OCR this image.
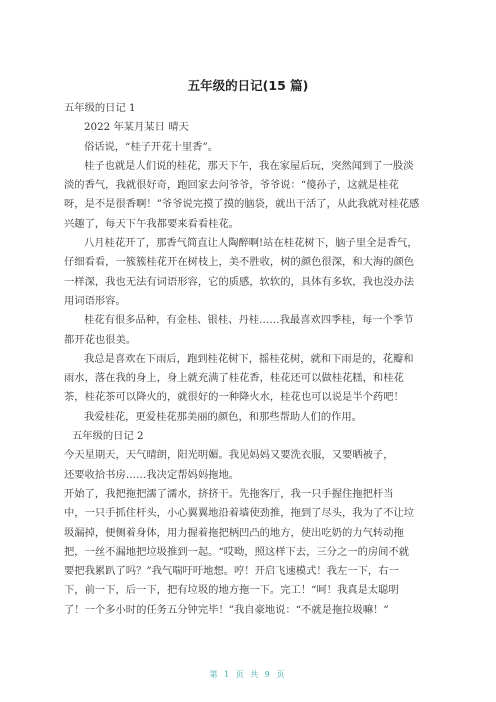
五年级的日记(15 篇)
五年级的日记 1
2022 年某月某日 晴天
俗话说，“桂子开花十里香”。
桂子也就是人们说的桂花，那天下午，我在家屋后玩，突然闻到了一股淡
淡的香气，我就很好奇，跑回家去问爷爷，爷爷说：“傻孙子，这就是桂花
呀，是不是很香啊！”爷爷说完摸了摸的脑袋，就出干活了，从此我就对桂花感
兴趣了，每天下午我都要来看看桂花。
八月桂花开了，那香气简直让人陶醉啊!站在桂花树下，脑子里全是香气，
仔细看看，一簇簇桂花开在树枝上，美不胜收，树的颜色很深，和大海的颜色
一样深，我也无法有词语形容，它的质感，软软的，具体有多软，我也没办法
用词语形容。
桂花有很多品种，有金桂、银桂、丹桂……我最喜欢四季桂，每一个季节
都开花也很美。
我总是喜欢在下雨后，跑到桂花树下，摇桂花树，就和下雨是的，花瓣和
雨水，落在我的身上，身上就充满了桂花香，桂花还可以做桂花糕，和桂花
茶，桂花茶可以降火的，就很好的一种降火水，桂花也可以说是半个药吧！
我爱桂花，更爱桂花那美丽的颜色，和那些帮助人们的作用。
五年级的日记 2
今天星期天，天气晴朗，阳光明媚。我见妈妈又要洗衣服，又要晒被子，
还要收拾书房……我决定帮妈妈拖地。
开始了，我把拖把濡了濡水，挤挤干。先拖客厅，我一只手握住拖把杆当
中，一只手抓住杆头，小心翼翼地沿着墙使劲推，拖到了尽头，我为了不让垃
圾漏掉，便侧着身体，用力握着拖把柄凹凸的地方，使出吃奶的力气转动拖
把，一丝不漏地把垃圾推到一起。“哎呦，照这样下去，三分之一的房间不就
要把我累趴了吗？”我气喘吁吁地想。哼！开启飞速模式！我左一下，右一
下，前一下，后一下，把有垃圾的地方拖一下。完工！“呵！我真是太聪明
了！一个多小时的任务五分钟完毕！”我自豪地说：“不就是拖拉圾嘛！”
第 1 页 共 9 页
